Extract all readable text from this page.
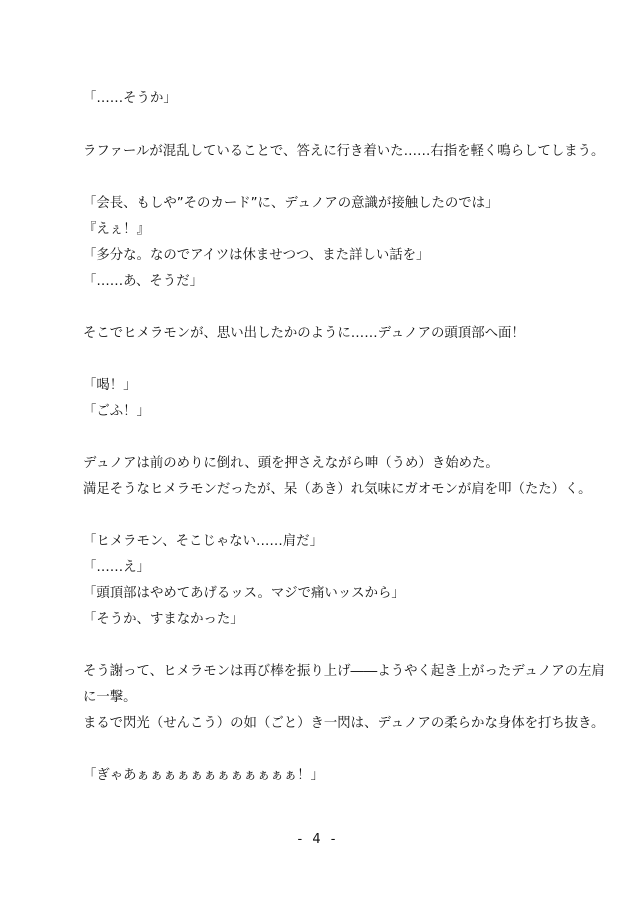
「……そうか」
ラファールが混乱していることで、答えに行き着いた……右指を軽く鳴らしてしまう。
「会長、もしや”そのカード”に、デュノアの意識が接触したのでは」
『えぇ！』
「多分な。なのでアイツは休ませつつ、また詳しい話を」
「……あ、そうだ」
そこでヒメラモンが、思い出したかのように……デュノアの頭頂部へ面！
「喝！」
「ごふ！」
デュノアは前のめりに倒れ、頭を押さえながら呻（うめ）き始めた。
満足そうなヒメラモンだったが、呆（あき）れ気味にガオモンが肩を叩（たた）く。
「ヒメラモン、そこじゃない……肩だ」
「……え」
「頭頂部はやめてあげるッス。マジで痛いッスから」
「そうか、すまなかった」
そう謝って、ヒメラモンは再び棒を振り上げ――ようやく起き上がったデュノアの左肩
に一撃。
まるで閃光（せんこう）の如（ごと）き一閃は、デュノアの柔らかな身体を打ち抜き。
「ぎゃあぁぁぁぁぁぁぁぁぁぁぁぁ！」
- 4 -
